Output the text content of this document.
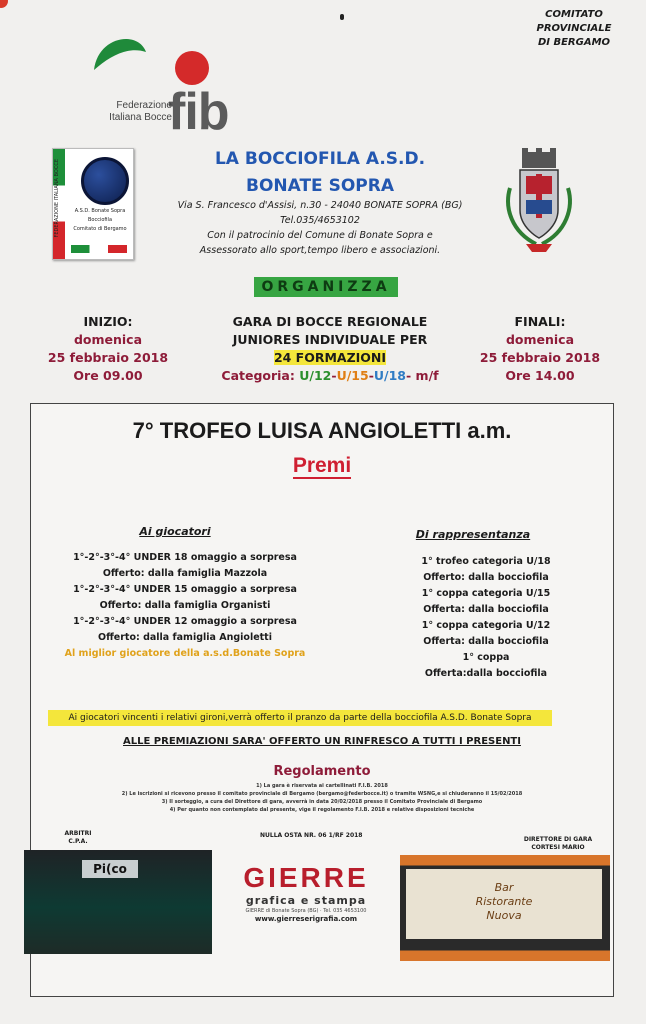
COMITATO
PROVINCIALE
DI BERGAMO
fib
Federazione
Italiana Bocce
FEDERAZIONE ITALIANA BOCCE	A.S.D. Bonate Sopra
Bocciofila
Comitato di Bergamo
LA BOCCIOFILA A.S.D.
BONATE SOPRA
Via S. Francesco d'Assisi, n.30 - 24040 BONATE SOPRA (BG)
Tel.035/4653102
Con il patrocinio del Comune di Bonate Sopra e
Assessorato allo sport,tempo libero e associazioni.
ORGANIZZA
INIZIO:
domenica
25 febbraio 2018
Ore 09.00
GARA DI BOCCE REGIONALE
JUNIORES INDIVIDUALE PER
24 FORMAZIONI
Categoria: U/12-U/15-U/18- m/f
FINALI:
domenica
25 febbraio 2018
Ore 14.00
7° TROFEO LUISA ANGIOLETTI a.m.
Premi
Ai giocatori	Di rappresentanza
1°-2°-3°-4° UNDER 18 omaggio a sorpresa
Offerto: dalla famiglia Mazzola
1°-2°-3°-4° UNDER 15 omaggio a sorpresa
Offerto: dalla famiglia Organisti
1°-2°-3°-4° UNDER 12 omaggio a sorpresa
Offerto: dalla famiglia Angioletti
Al miglior giocatore della a.s.d.Bonate Sopra
1° trofeo categoria U/18
Offerto: dalla bocciofila
1° coppa categoria U/15
Offerta: dalla bocciofila
1° coppa categoria U/12
Offerta: dalla bocciofila
1° coppa
Offerta:dalla bocciofila
Ai giocatori vincenti i relativi gironi,verrà offerto il pranzo da parte della bocciofila A.S.D. Bonate Sopra
ALLE PREMIAZIONI SARA' OFFERTO UN RINFRESCO A TUTTI I PRESENTI
Regolamento
1) La gara è riservata ai cartellinati F.I.B. 2018
2) Le iscrizioni si ricevono presso il comitato provinciale di Bergamo (bergamo@federbocce.it) o tramite WSNG,e si chiuderanno il 15/02/2018
3) Il sorteggio, a cura del Direttore di gara, avverrà in data 20/02/2018 presso il Comitato Provinciale di Bergamo
4) Per quanto non contemplato dal presente, vige il regolamento F.I.B. 2018 e relative disposizioni tecniche
ARBITRI
C.P.A.
NULLA OSTA NR. 06 1/RF 2018
DIRETTORE DI GARA
CORTESI MARIO
Pi(co
Bar
Ristorante
Nuova
GIERRE
grafica e stampa
GIERRE di Bonate Sopra (BG) · Tel. 035 4653100
www.gierreserigrafia.com
